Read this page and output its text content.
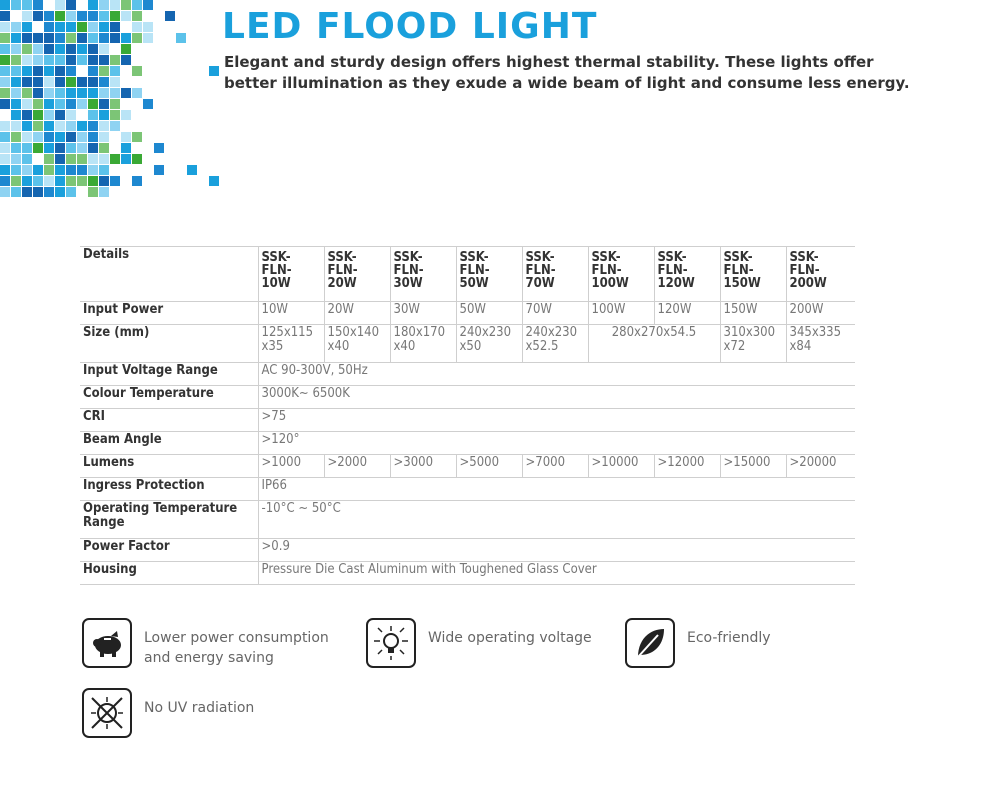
LED FLOOD LIGHT

Elegant and sturdy design offers highest thermal stability. These lights offer
better illumination as they exude a wide beam of light and consume less energy.

Details	SSK-
FLN-
10W	SSK-
FLN-
20W	SSK-
FLN-
30W	SSK-
FLN-
50W	SSK-
FLN-
70W	SSK-
FLN-
100W	SSK-
FLN-
120W	SSK-
FLN-
150W	SSK-
FLN-
200W
Input Power	10W	20W	30W	50W	70W	100W	120W	150W	200W
Size (mm)	125x115
x35	150x140
x40	180x170
x40	240x230
x50	240x230
x52.5	280x270x54.5		310x300
x72	345x335
x84
Input Voltage Range	AC 90-300V, 50Hz								
Colour Temperature	3000K~ 6500K								
CRI	>75								
Beam Angle	>120°								
Lumens	>1000	>2000	>3000	>5000	>7000	>10000	>12000	>15000	>20000
Ingress Protection	IP66								
Operating Temperature
Range	-10°C ~ 50°C								
Power Factor	>0.9								
Housing	Pressure Die Cast Aluminum with Toughened Glass Cover								
Lower power consumption
and energy saving
Wide operating voltage	Eco-friendly
No UV radiation
